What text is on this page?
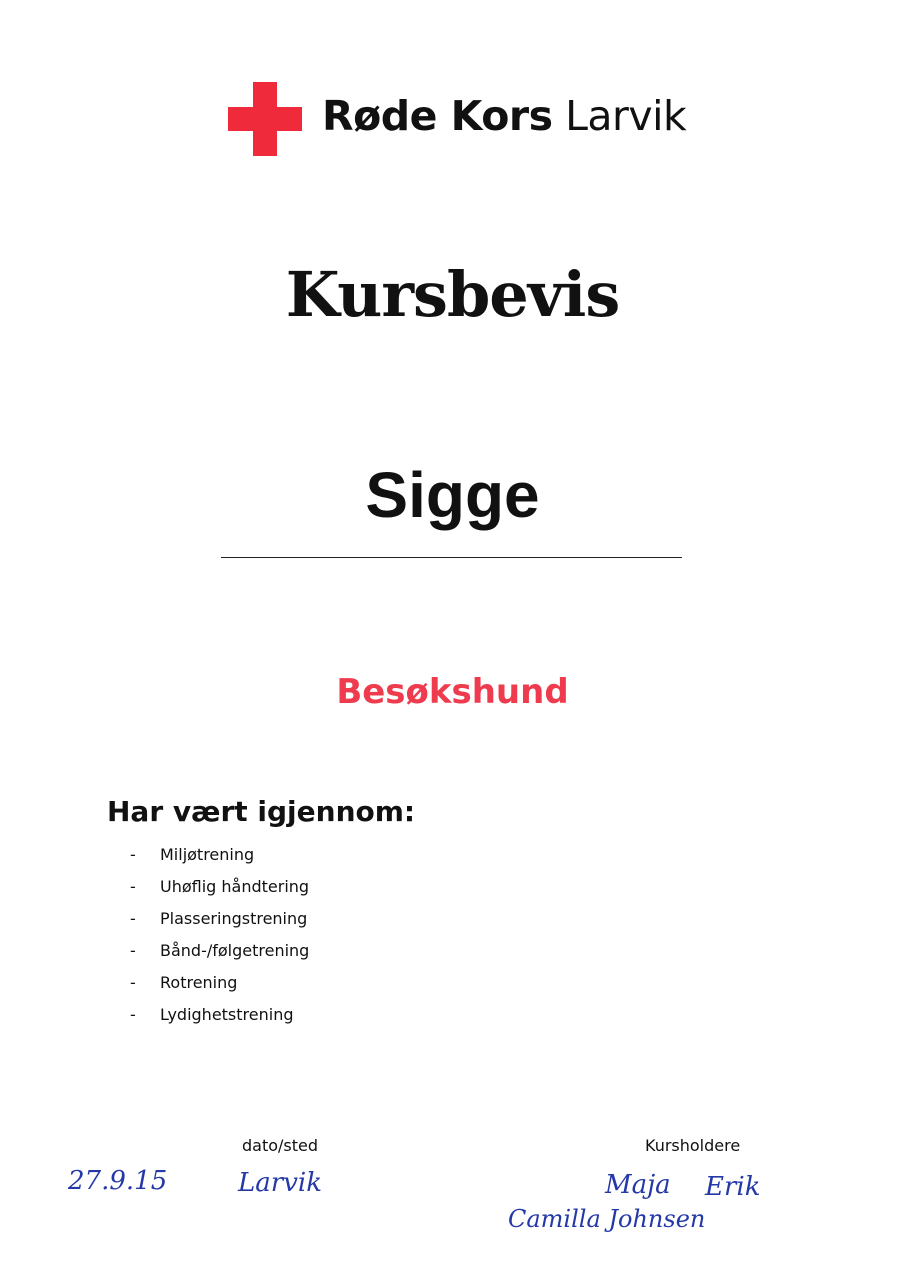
Røde Kors Larvik
Kursbevis
Sigge
Besøkshund
Har vært igjennom:
- Miljøtrening
- Uhøflig håndtering
- Plasseringstrening
- Bånd-/følgetrening
- Rotrening
- Lydighetstrening
dato/sted	Kursholdere
27.9.15	Larvik	Maja Erik
Camilla Johnsen
